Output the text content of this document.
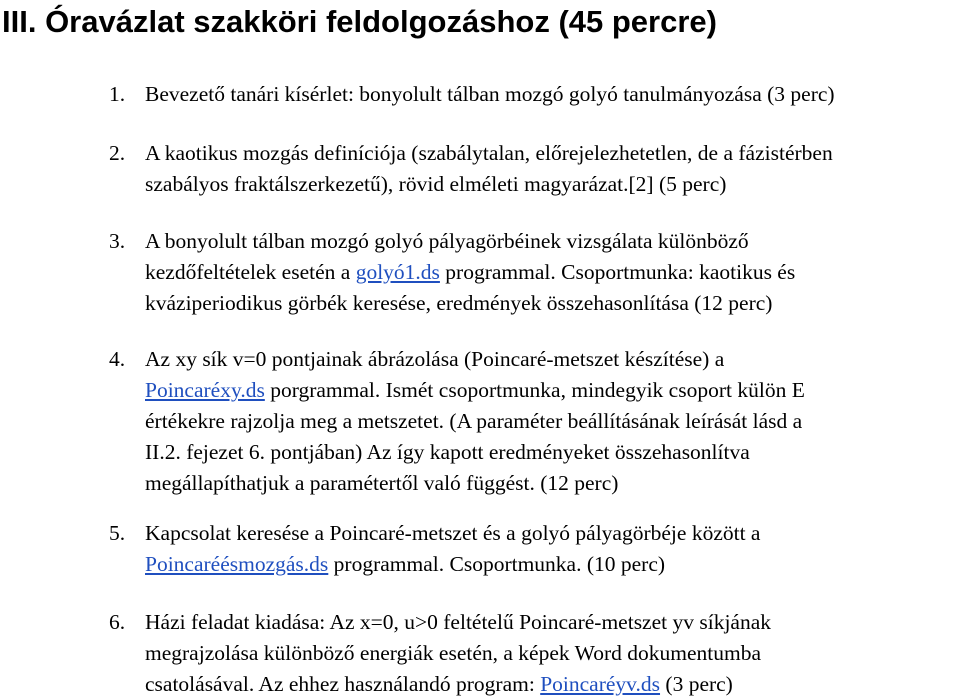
III. Óravázlat szakköri feldolgozáshoz (45 percre)
1. Bevezető tanári kísérlet: bonyolult tálban mozgó golyó tanulmányozása (3 perc)
2. A kaotikus mozgás definíciója (szabálytalan, előrejelezhetetlen, de a fázistérben
szabályos fraktálszerkezetű), rövid elméleti magyarázat.[2] (5 perc)
3. A bonyolult tálban mozgó golyó pályagörbéinek vizsgálata különböző
kezdőfeltételek esetén a golyó1.ds programmal. Csoportmunka: kaotikus és
kváziperiodikus görbék keresése, eredmények összehasonlítása (12 perc)
4. Az xy sík v=0 pontjainak ábrázolása (Poincaré-metszet készítése) a
Poincaréxy.ds porgrammal. Ismét csoportmunka, mindegyik csoport külön E
értékekre rajzolja meg a metszetet. (A paraméter beállításának leírását lásd a
II.2. fejezet 6. pontjában) Az így kapott eredményeket összehasonlítva
megállapíthatjuk a paramétertől való függést. (12 perc)
5. Kapcsolat keresése a Poincaré-metszet és a golyó pályagörbéje között a
Poincaréésmozgás.ds programmal. Csoportmunka. (10 perc)
6. Házi feladat kiadása: Az x=0, u>0 feltételű Poincaré-metszet yv síkjának
megrajzolása különböző energiák esetén, a képek Word dokumentumba
csatolásával. Az ehhez használandó program: Poincaréyv.ds (3 perc)
